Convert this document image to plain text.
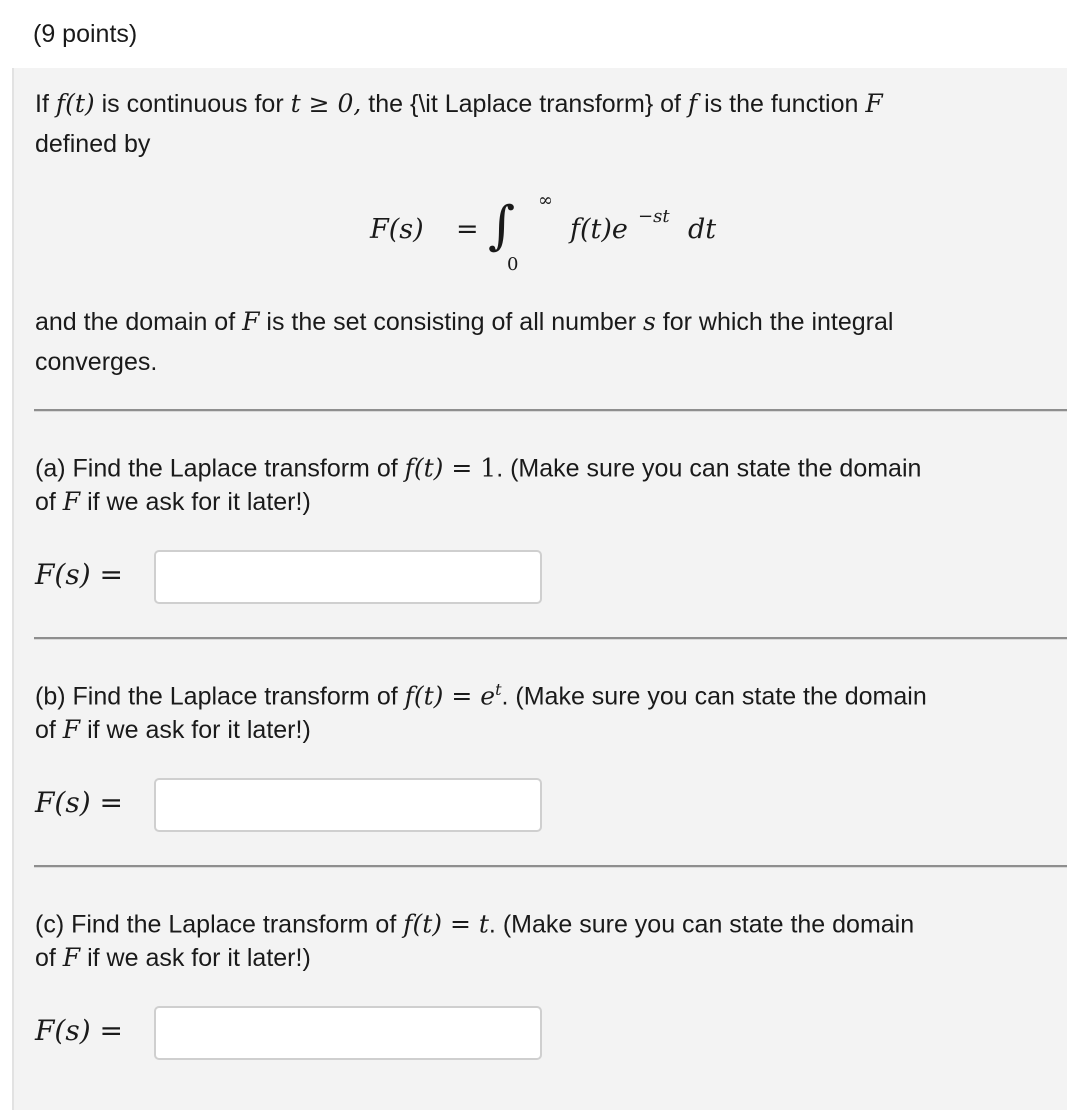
(9 points)
If f(t) is continuous for t ≥ 0, the {\it Laplace transform} of f is the function F
defined by
F(s) = ∫ ∞
0
f(t)e −st dt
and the domain of F is the set consisting of all number s for which the integral
converges.
(a) Find the Laplace transform of f(t) = 1. (Make sure you can state the domain
of F if we ask for it later!)
F(s) =
(b) Find the Laplace transform of $f(t) = e^t$. (Make sure you can state the domain
of F if we ask for it later!)
F(s) =
(c) Find the Laplace transform of f(t) = t. (Make sure you can state the domain
of F if we ask for it later!)
F(s) =
